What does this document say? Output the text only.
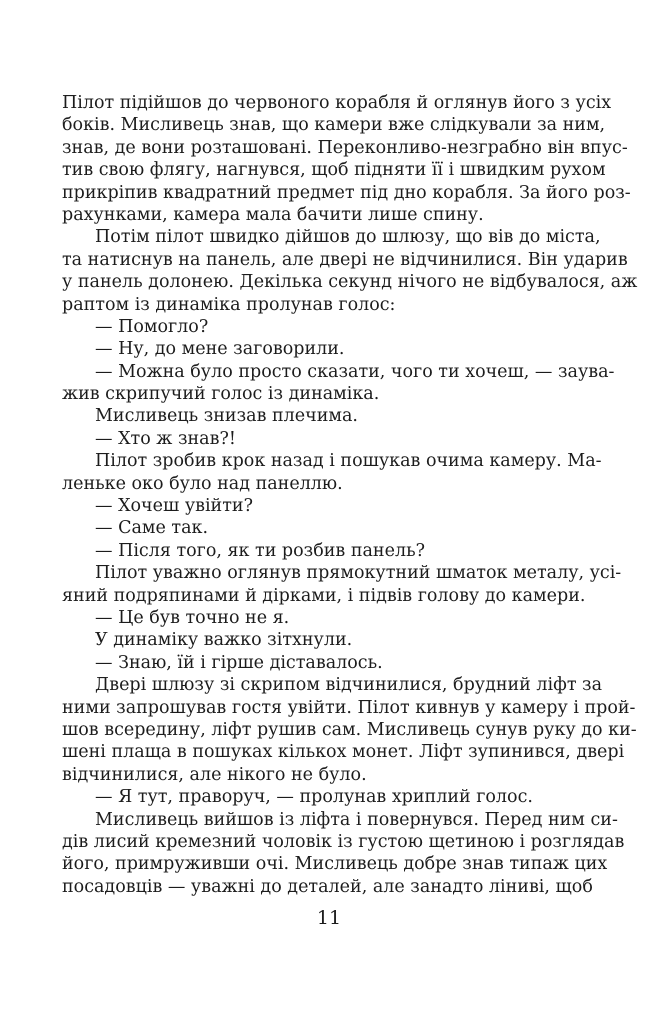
Пілот підійшов до червоного корабля й оглянув його з усіх
боків. Мисливець знав, що камери вже слідкували за ним,
знав, де вони розташовані. Переконливо-незграбно він впус-
тив свою флягу, нагнувся, щоб підняти її і швидким рухом
прикріпив квадратний предмет під дно корабля. За його роз-
рахунками, камера мала бачити лише спину.
Потім пілот швидко дійшов до шлюзу, що вів до міста,
та натиснув на панель, але двері не відчинилися. Він ударив
у панель долонею. Декілька секунд нічого не відбувалося, аж
раптом із динаміка пролунав голос:
— Помогло?
— Ну, до мене заговорили.
— Можна було просто сказати, чого ти хочеш, — заува-
жив скрипучий голос із динаміка.
Мисливець знизав плечима.
— Хто ж знав?!
Пілот зробив крок назад і пошукав очима камеру. Ма-
леньке око було над панеллю.
— Хочеш увійти?
— Саме так.
— Після того, як ти розбив панель?
Пілот уважно оглянув прямокутний шматок металу, усі-
яний подряпинами й дірками, і підвів голову до камери.
— Це був точно не я.
У динаміку важко зітхнули.
— Знаю, їй і гірше діставалось.
Двері шлюзу зі скрипом відчинилися, брудний ліфт за
ними запрошував гостя увійти. Пілот кивнув у камеру і прой-
шов всередину, ліфт рушив сам. Мисливець сунув руку до ки-
шені плаща в пошуках кількох монет. Ліфт зупинився, двері
відчинилися, але нікого не було.
— Я тут, праворуч, — пролунав хриплий голос.
Мисливець вийшов із ліфта і повернувся. Перед ним си-
дів лисий кремезний чоловік із густою щетиною і розглядав
його, примруживши очі. Мисливець добре знав типаж цих
посадовців — уважні до деталей, але занадто ліниві, щоб
11
